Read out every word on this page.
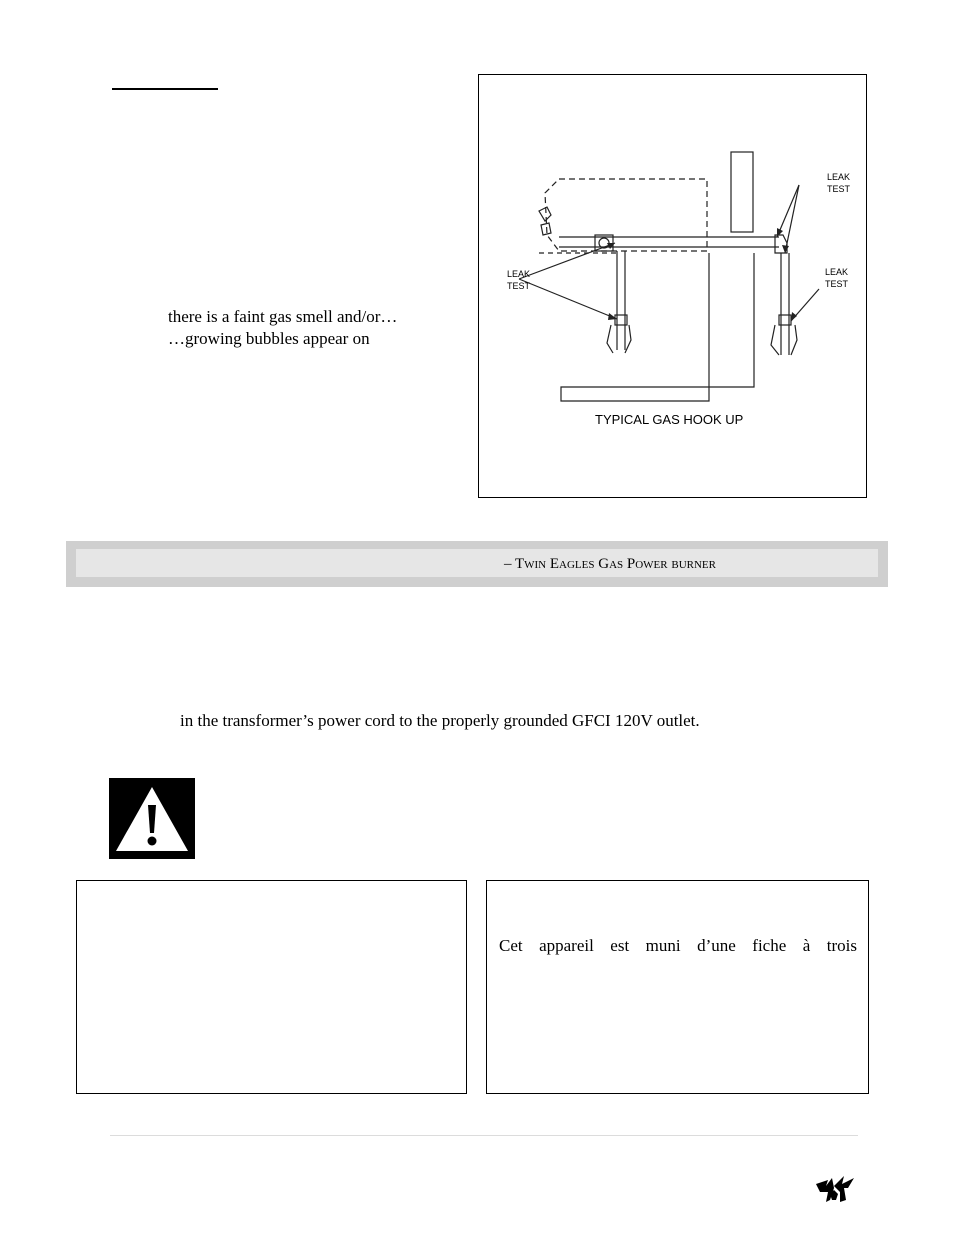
there is a faint gas smell and/or…
…growing bubbles appear on
LEAK
TEST
LEAK
TEST
LEAK
TEST
TYPICAL GAS HOOK UP
– Twin Eagles Gas Power burner
in the transformer’s power cord to the properly grounded GFCI 120V outlet.
Cet appareil est muni d’une fiche à trois
